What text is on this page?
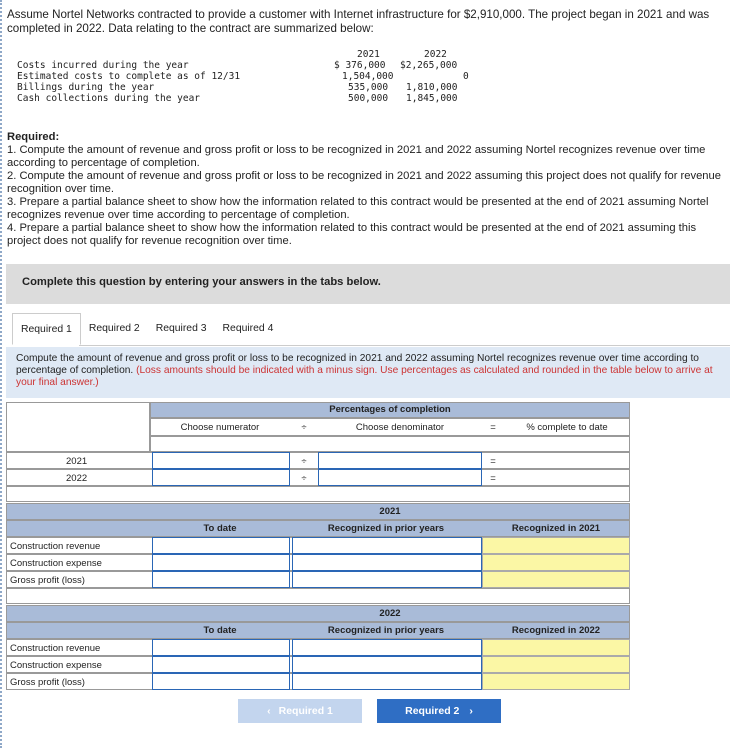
Assume Nortel Networks contracted to provide a customer with Internet infrastructure for $2,910,000. The project began in 2021 and was completed in 2022. Data relating to the contract are summarized below:
2021	2022
Costs incurred during the year	$ 376,000 $2,265,000
Estimated costs to complete as of 12/31	1,504,000	0
Billings during the year	535,000 1,810,000
Cash collections during the year	500,000 1,845,000
Required:
1. Compute the amount of revenue and gross profit or loss to be recognized in 2021 and 2022 assuming Nortel recognizes revenue over time according to percentage of completion.
2. Compute the amount of revenue and gross profit or loss to be recognized in 2021 and 2022 assuming this project does not qualify for revenue recognition over time.
3. Prepare a partial balance sheet to show how the information related to this contract would be presented at the end of 2021 assuming Nortel recognizes revenue over time according to percentage of completion.
4. Prepare a partial balance sheet to show how the information related to this contract would be presented at the end of 2021 assuming this project does not qualify for revenue recognition over time.
Complete this question by entering your answers in the tabs below.
Required 1	Required 2	Required 3	Required 4
Compute the amount of revenue and gross profit or loss to be recognized in 2021 and 2022 assuming Nortel recognizes revenue over time according to percentage of completion. (Loss amounts should be indicated with a minus sign. Use percentages as calculated and rounded in the table below to arrive at your final answer.)
Percentages of completion
Choose numerator	÷	Choose denominator	=	% complete to date
2021	÷	=
2022	÷	=
2021
To date	Recognized in prior years	Recognized in 2021
Construction revenue
Construction expense
Gross profit (loss)
2022
To date	Recognized in prior years	Recognized in 2022
Construction revenue
Construction expense
Gross profit (loss)
‹ Required 1	Required 2 ›
